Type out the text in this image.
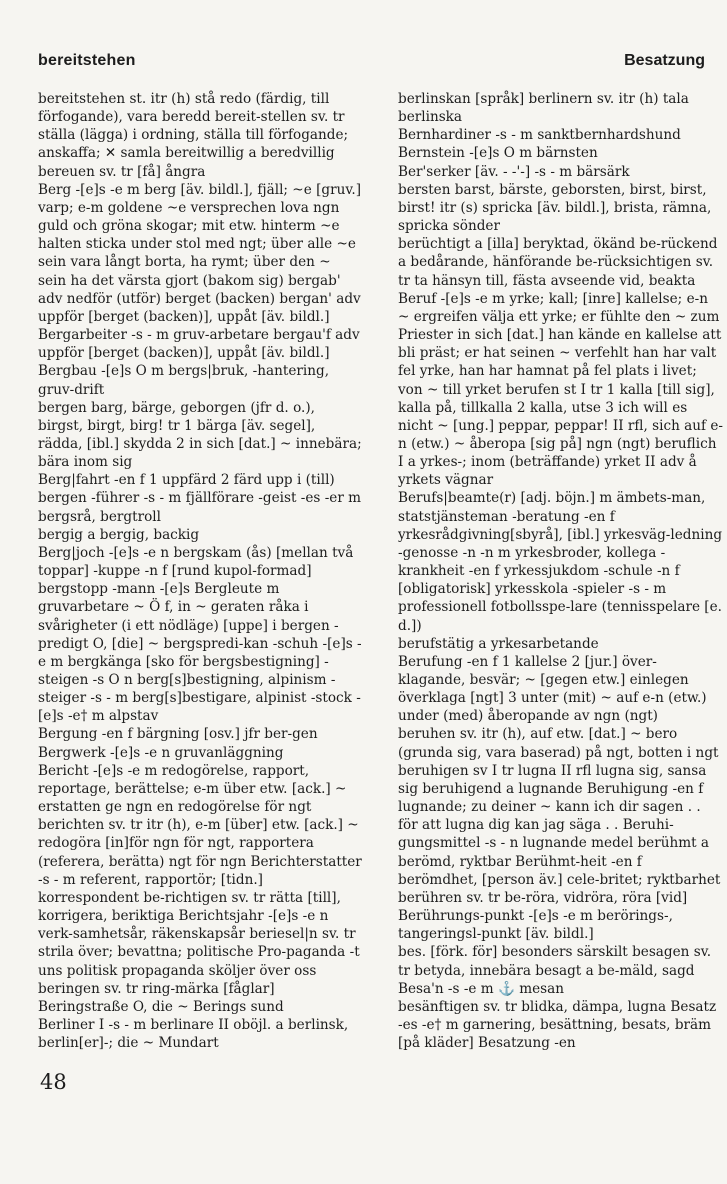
bereitstehen	Besatzung

bereitstehen st. itr (h) stå redo (färdig, till förfogande), vara beredd bereit-stellen sv. tr ställa (lägga) i ordning, ställa till förfogande; anskaffa; ✕ samla bereitwillig a beredvillig bereuen sv. tr [få] ångra

Berg -[e]s -e m berg [äv. bildl.], fjäll; ~e [gruv.] varp; e-m goldene ~e versprechen lova ngn guld och gröna skogar; mit etw. hinterm ~e halten sticka under stol med ngt; über alle ~e sein vara långt borta, ha rymt; über den ~ sein ha det värsta gjort (bakom sig) bergab' adv nedför (utför) berget (backen) bergan' adv uppför [berget (backen)], uppåt [äv. bildl.] Bergarbeiter -s - m gruv-arbetare bergau'f adv uppför [berget (backen)], uppåt [äv. bildl.] Bergbau -[e]s O m bergs|bruk, -hantering, gruv-drift

bergen barg, bärge, geborgen (jfr d. o.), birgst, birgt, birg! tr 1 bärga [äv. segel], rädda, [ibl.] skydda 2 in sich [dat.] ~ innebära; bära inom sig

Berg|fahrt -en f 1 uppfärd 2 färd upp i (till) bergen -führer -s - m fjällförare -geist -es -er m bergsrå, bergtroll

bergig a bergig, backig

Berg|joch -[e]s -e n bergskam (ås) [mellan två toppar] -kuppe -n f [rund kupol-formad] bergstopp -mann -[e]s Bergleute m gruvarbetare ~ Ö f, in ~ geraten råka i svårigheter (i ett nödläge) [uppe] i bergen -predigt O, [die] ~ bergspredi-kan -schuh -[e]s -e m bergkänga [sko för bergsbestigning] -steigen -s O n berg[s]bestigning, alpinism -steiger -s - m berg[s]bestigare, alpinist -stock -[e]s -e† m alpstav

Bergung -en f bärgning [osv.] jfr ber-gen

Bergwerk -[e]s -e n gruvanläggning

Bericht -[e]s -e m redogörelse, rapport, reportage, berättelse; e-m über etw. [ack.] ~ erstatten ge ngn en redogörelse för ngt berichten sv. tr itr (h), e-m [über] etw. [ack.] ~ redogöra [in]för ngn för ngt, rapportera (referera, berätta) ngt för ngn Berichterstatter -s - m referent, rapportör; [tidn.] korrespondent be-richtigen sv. tr rätta [till], korrigera, beriktiga Berichtsjahr -[e]s -e n verk-samhetsår, räkenskapsår beriesel|n sv. tr strila över; bevattna; politische Pro-paganda -t uns politisk propaganda sköljer över oss beringen sv. tr ring-märka [fåglar]

Beringstraße O, die ~ Berings sund

Berliner I -s - m berlinare II oböjl. a berlinsk, berlin[er]-; die ~ Mundart

berlinskan [språk] berlinern sv. itr (h) tala berlinska

Bernhardiner -s - m sanktbernhardshund

Bernstein -[e]s O m bärnsten

Ber'serker [äv. - -'-] -s - m bärsärk

bersten barst, bärste, geborsten, birst, birst, birst! itr (s) spricka [äv. bildl.], brista, rämna, spricka sönder

berüchtigt a [illa] beryktad, ökänd be-rückend a bedårande, hänförande be-rücksichtigen sv. tr ta hänsyn till, fästa avseende vid, beakta

Beruf -[e]s -e m yrke; kall; [inre] kallelse; e-n ~ ergreifen välja ett yrke; er fühlte den ~ zum Priester in sich [dat.] han kände en kallelse att bli präst; er hat seinen ~ verfehlt han har valt fel yrke, han har hamnat på fel plats i livet; von ~ till yrket berufen st I tr 1 kalla [till sig], kalla på, tillkalla 2 kalla, utse 3 ich will es nicht ~ [ung.] peppar, peppar! II rfl, sich auf e-n (etw.) ~ åberopa [sig på] ngn (ngt) beruflich I a yrkes-; inom (beträffande) yrket II adv å yrkets vägnar

Berufs|beamte(r) [adj. böjn.] m ämbets-man, statstjänsteman -beratung -en f yrkesrådgivning[sbyrå], [ibl.] yrkesväg-ledning -genosse -n -n m yrkesbroder, kollega -krankheit -en f yrkessjukdom -schule -n f [obligatorisk] yrkesskola -spieler -s - m professionell fotbollsspe-lare (tennisspelare [e. d.])

berufstätig a yrkesarbetande

Berufung -en f 1 kallelse 2 [jur.] över-klagande, besvär; ~ [gegen etw.] einlegen överklaga [ngt] 3 unter (mit) ~ auf e-n (etw.) under (med) åberopande av ngn (ngt)

beruhen sv. itr (h), auf etw. [dat.] ~ bero (grunda sig, vara baserad) på ngt, botten i ngt beruhigen sv I tr lugna II rfl lugna sig, sansa sig beruhigend a lugnande Beruhigung -en f lugnande; zu deiner ~ kann ich dir sagen . . för att lugna dig kan jag säga . . Beruhi-gungsmittel -s - n lugnande medel berühmt a berömd, ryktbar Berühmt-heit -en f berömdhet, [person äv.] cele-britet; ryktbarhet berühren sv. tr be-röra, vidröra, röra [vid] Berührungs-punkt -[e]s -e m berörings-, tangeringsl-punkt [äv. bildl.]

bes. [förk. för] besonders särskilt besagen sv. tr betyda, innebära besagt a be-mäld, sagd

Besa'n -s -e m ⚓ mesan

besänftigen sv. tr blidka, dämpa, lugna Besatz -es -e† m garnering, besättning, besats, bräm [på kläder] Besatzung -en

48
